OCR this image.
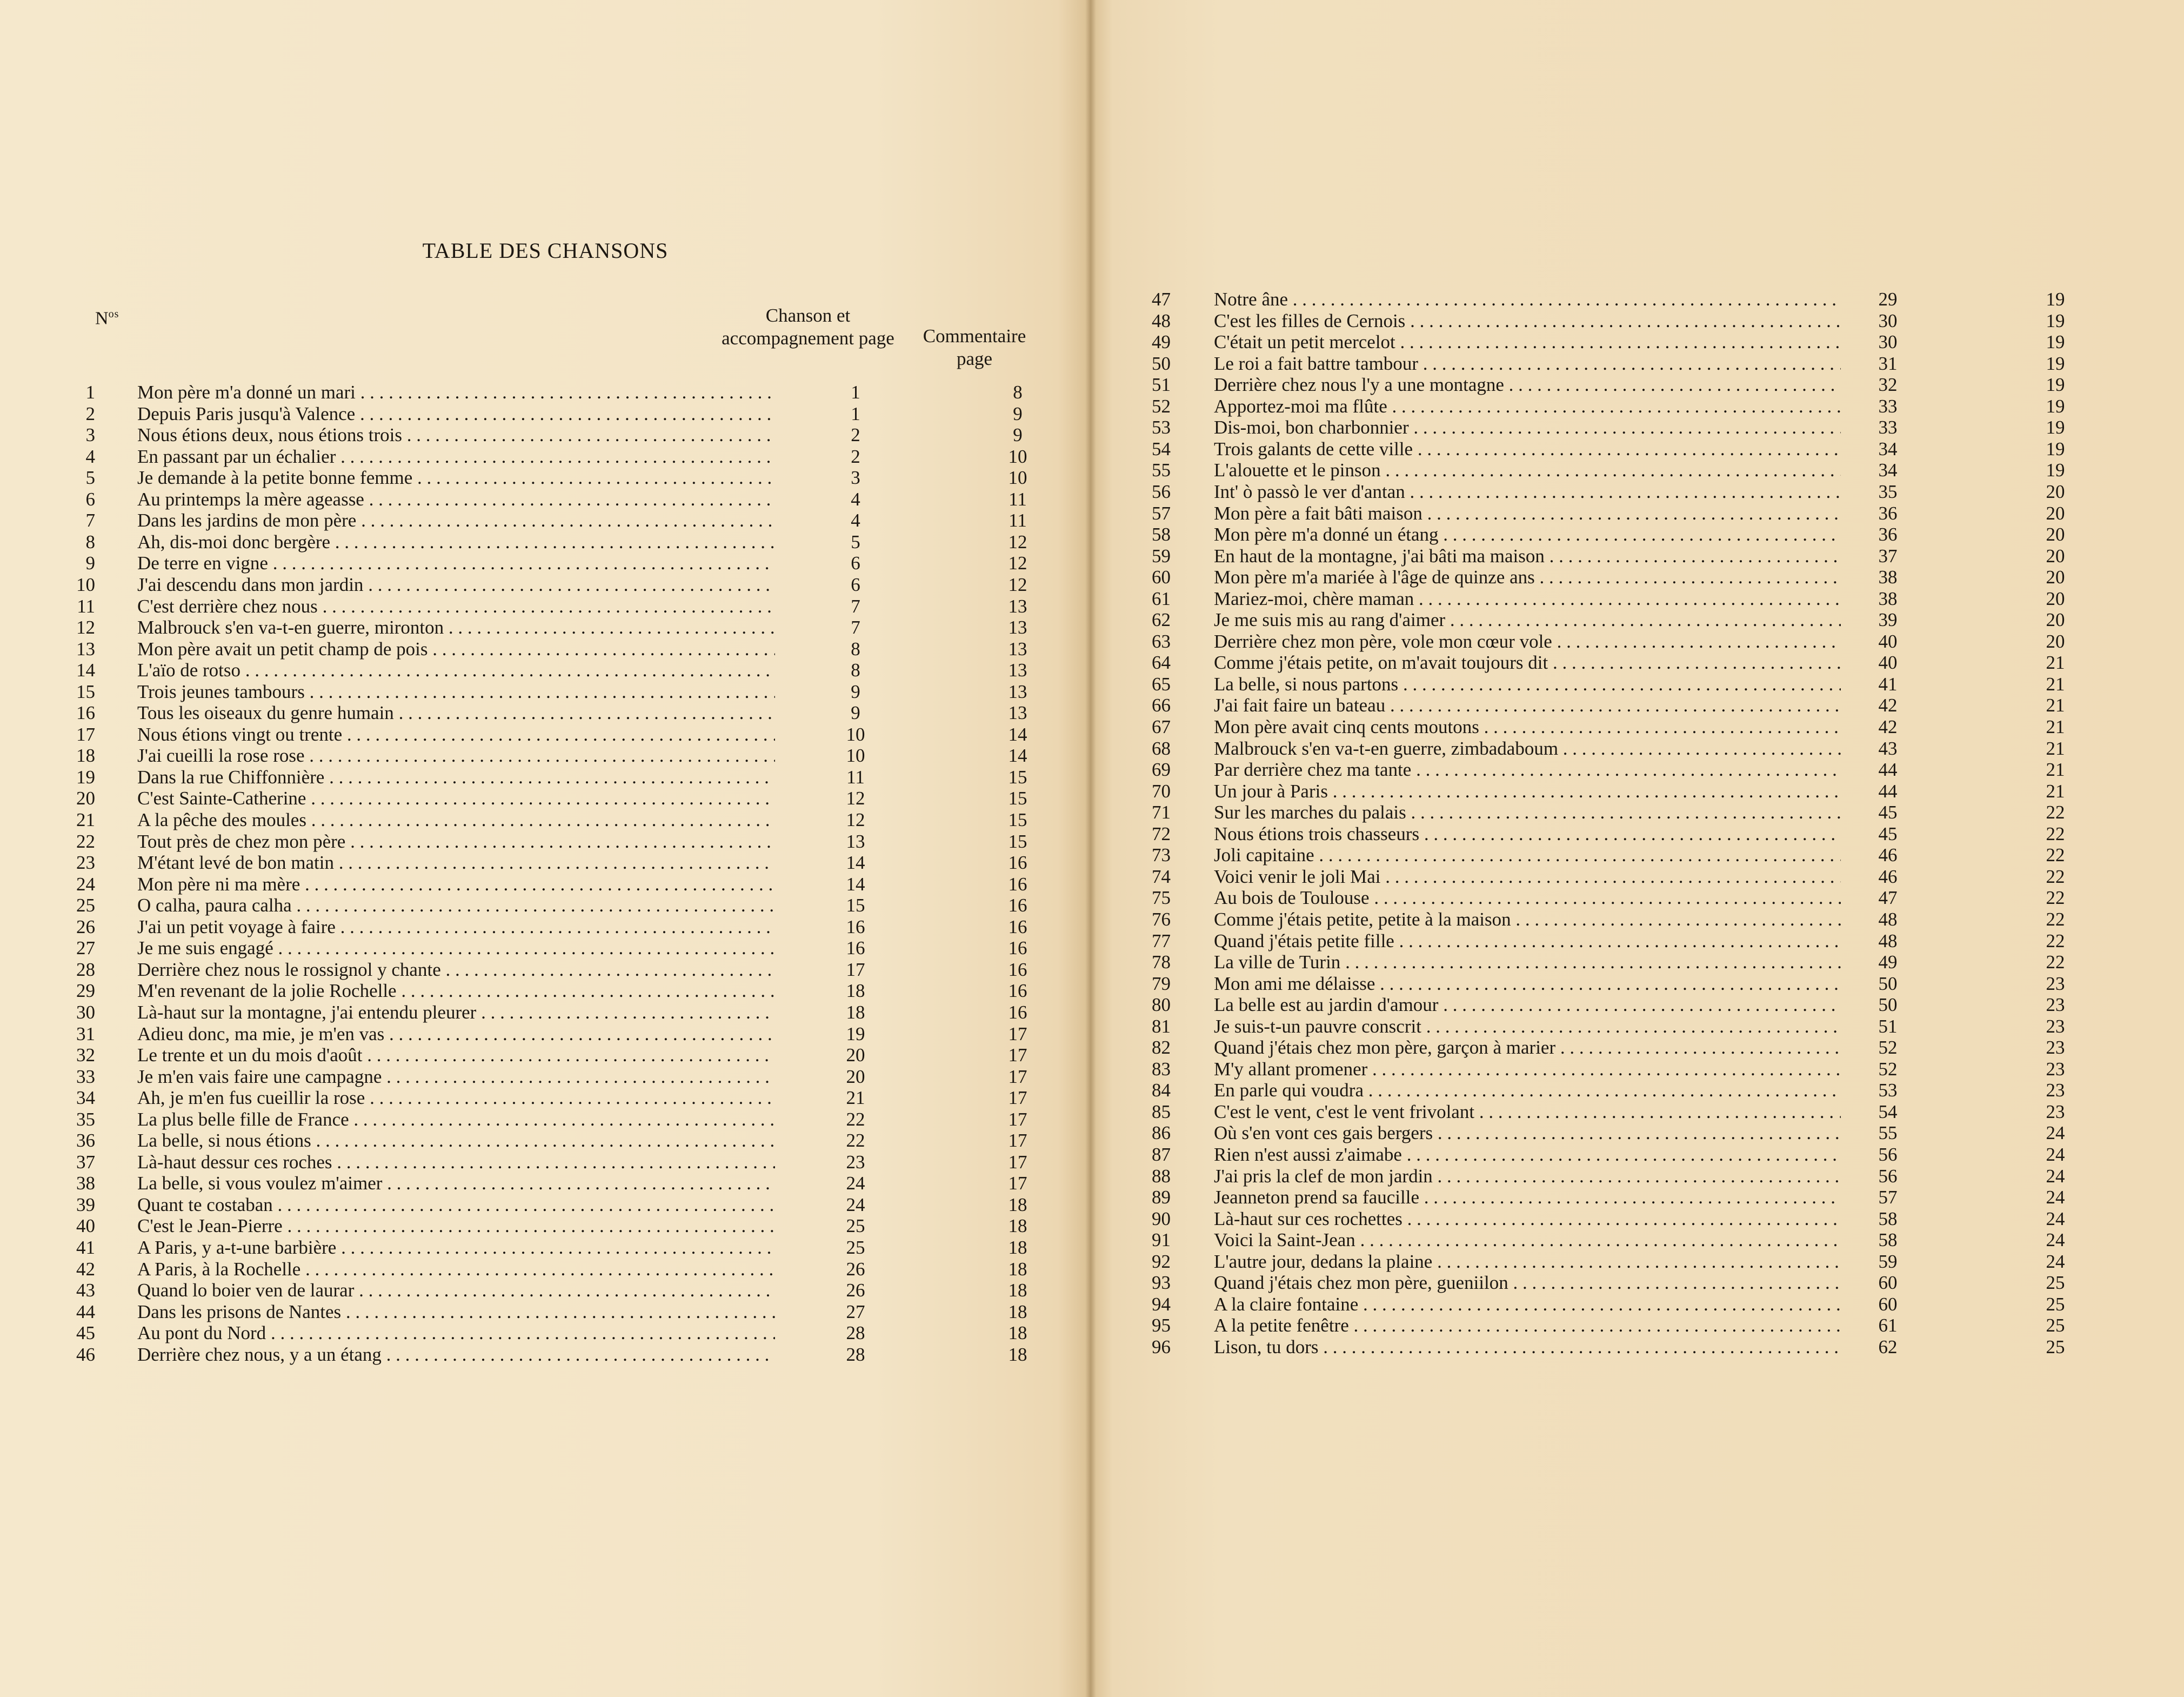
TABLE DES CHANSONS
$N^{os}$	Chanson et accompagnement page	Commentaire page
1 Mon père m'a donné un mari . . .	1	8
2 Depuis Paris jusqu'à Valence . . .	1	9
3 Nous étions deux, nous étions trois . . .	2	9
4 En passant par un échalier . . .	2	10
5 Je demande à la petite bonne femme . . .	3	10
6 Au printemps la mère ageasse . . .	4	11
7 Dans les jardins de mon père . . .	4	11
8 Ah, dis-moi donc bergère . . .	5	12
9 De terre en vigne . . .	6	12
10 J'ai descendu dans mon jardin . . .	6	12
11 C'est derrière chez nous . . .	7	13
12 Malbrouck s'en va-t-en guerre, mironton . . .	7	13
13 Mon père avait un petit champ de pois . . .	8	13
14 L'aïo de rotso . . .	8	13
15 Trois jeunes tambours . . .	9	13
16 Tous les oiseaux du genre humain . . .	9	13
17 Nous étions vingt ou trente . . .	10	14
18 J'ai cueilli la rose rose . . .	10	14
19 Dans la rue Chiffonnière . . .	11	15
20 C'est Sainte-Catherine . . .	12	15
21 A la pêche des moules . . .	12	15
22 Tout près de chez mon père . . .	13	15
23 M'étant levé de bon matin . . .	14	16
24 Mon père ni ma mère . . .	14	16
25 O calha, paura calha . . .	15	16
26 J'ai un petit voyage à faire . . .	16	16
27 Je me suis engagé . . .	16	16
28 Derrière chez nous le rossignol y chante . . .	17	16
29 M'en revenant de la jolie Rochelle . . .	18	16
30 Là-haut sur la montagne, j'ai entendu pleurer . . .	18	16
31 Adieu donc, ma mie, je m'en vas . . .	19	17
32 Le trente et un du mois d'août . . .	20	17
33 Je m'en vais faire une campagne . . .	20	17
34 Ah, je m'en fus cueillir la rose . . .	21	17
35 La plus belle fille de France . . .	22	17
36 La belle, si nous étions . . .	22	17
37 Là-haut dessur ces roches . . .	23	17
38 La belle, si vous voulez m'aimer . . .	24	17
39 Quant te costaban . . .	24	18
40 C'est le Jean-Pierre . . .	25	18
41 A Paris, y a-t-une barbière . . .	25	18
42 A Paris, à la Rochelle . . .	26	18
43 Quand lo boier ven de laurar . . .	26	18
44 Dans les prisons de Nantes . . .	27	18
45 Au pont du Nord . . .	28	18
46 Derrière chez nous, y a un étang . . .	28	18
47 Notre âne . . .	29	19
48 C'est les filles de Cernois . . .	30	19
49 C'était un petit mercelot . . .	30	19
50 Le roi a fait battre tambour . . .	31	19
51 Derrière chez nous l'y a une montagne . . .	32	19
52 Apportez-moi ma flûte . . .	33	19
53 Dis-moi, bon charbonnier . . .	33	19
54 Trois galants de cette ville . . .	34	19
55 L'alouette et le pinson . . .	34	19
56 Int' ò passò le ver d'antan . . .	35	20
57 Mon père a fait bâti maison . . .	36	20
58 Mon père m'a donné un étang . . .	36	20
59 En haut de la montagne, j'ai bâti ma maison . . .	37	20
60 Mon père m'a mariée à l'âge de quinze ans . . .	38	20
61 Mariez-moi, chère maman . . .	38	20
62 Je me suis mis au rang d'aimer . . .	39	20
63 Derrière chez mon père, vole mon cœur vole . . .	40	20
64 Comme j'étais petite, on m'avait toujours dit . . .	40	21
65 La belle, si nous partons . . .	41	21
66 J'ai fait faire un bateau . . .	42	21
67 Mon père avait cinq cents moutons . . .	42	21
68 Malbrouck s'en va-t-en guerre, zimbadaboum . . .	43	21
69 Par derrière chez ma tante . . .	44	21
70 Un jour à Paris . . .	44	21
71 Sur les marches du palais . . .	45	22
72 Nous étions trois chasseurs . . .	45	22
73 Joli capitaine . . .	46	22
74 Voici venir le joli Mai . . .	46	22
75 Au bois de Toulouse . . .	47	22
76 Comme j'étais petite, petite à la maison . . .	48	22
77 Quand j'étais petite fille . . .	48	22
78 La ville de Turin . . .	49	22
79 Mon ami me délaisse . . .	50	23
80 La belle est au jardin d'amour . . .	50	23
81 Je suis-t-un pauvre conscrit . . .	51	23
82 Quand j'étais chez mon père, garçon à marier . . .	52	23
83 M'y allant promener . . .	52	23
84 En parle qui voudra . . .	53	23
85 C'est le vent, c'est le vent frivolant . . .	54	23
86 Où s'en vont ces gais bergers . . .	55	24
87 Rien n'est aussi z'aimabe . . .	56	24
88 J'ai pris la clef de mon jardin . . .	56	24
89 Jeanneton prend sa faucille . . .	57	24
90 Là-haut sur ces rochettes . . .	58	24
91 Voici la Saint-Jean . . .	58	24
92 L'autre jour, dedans la plaine . . .	59	24
93 Quand j'étais chez mon père, gueniilon . . .	60	25
94 A la claire fontaine . . .	60	25
95 A la petite fenêtre . . .	61	25
96 Lison, tu dors . . .	62	25
